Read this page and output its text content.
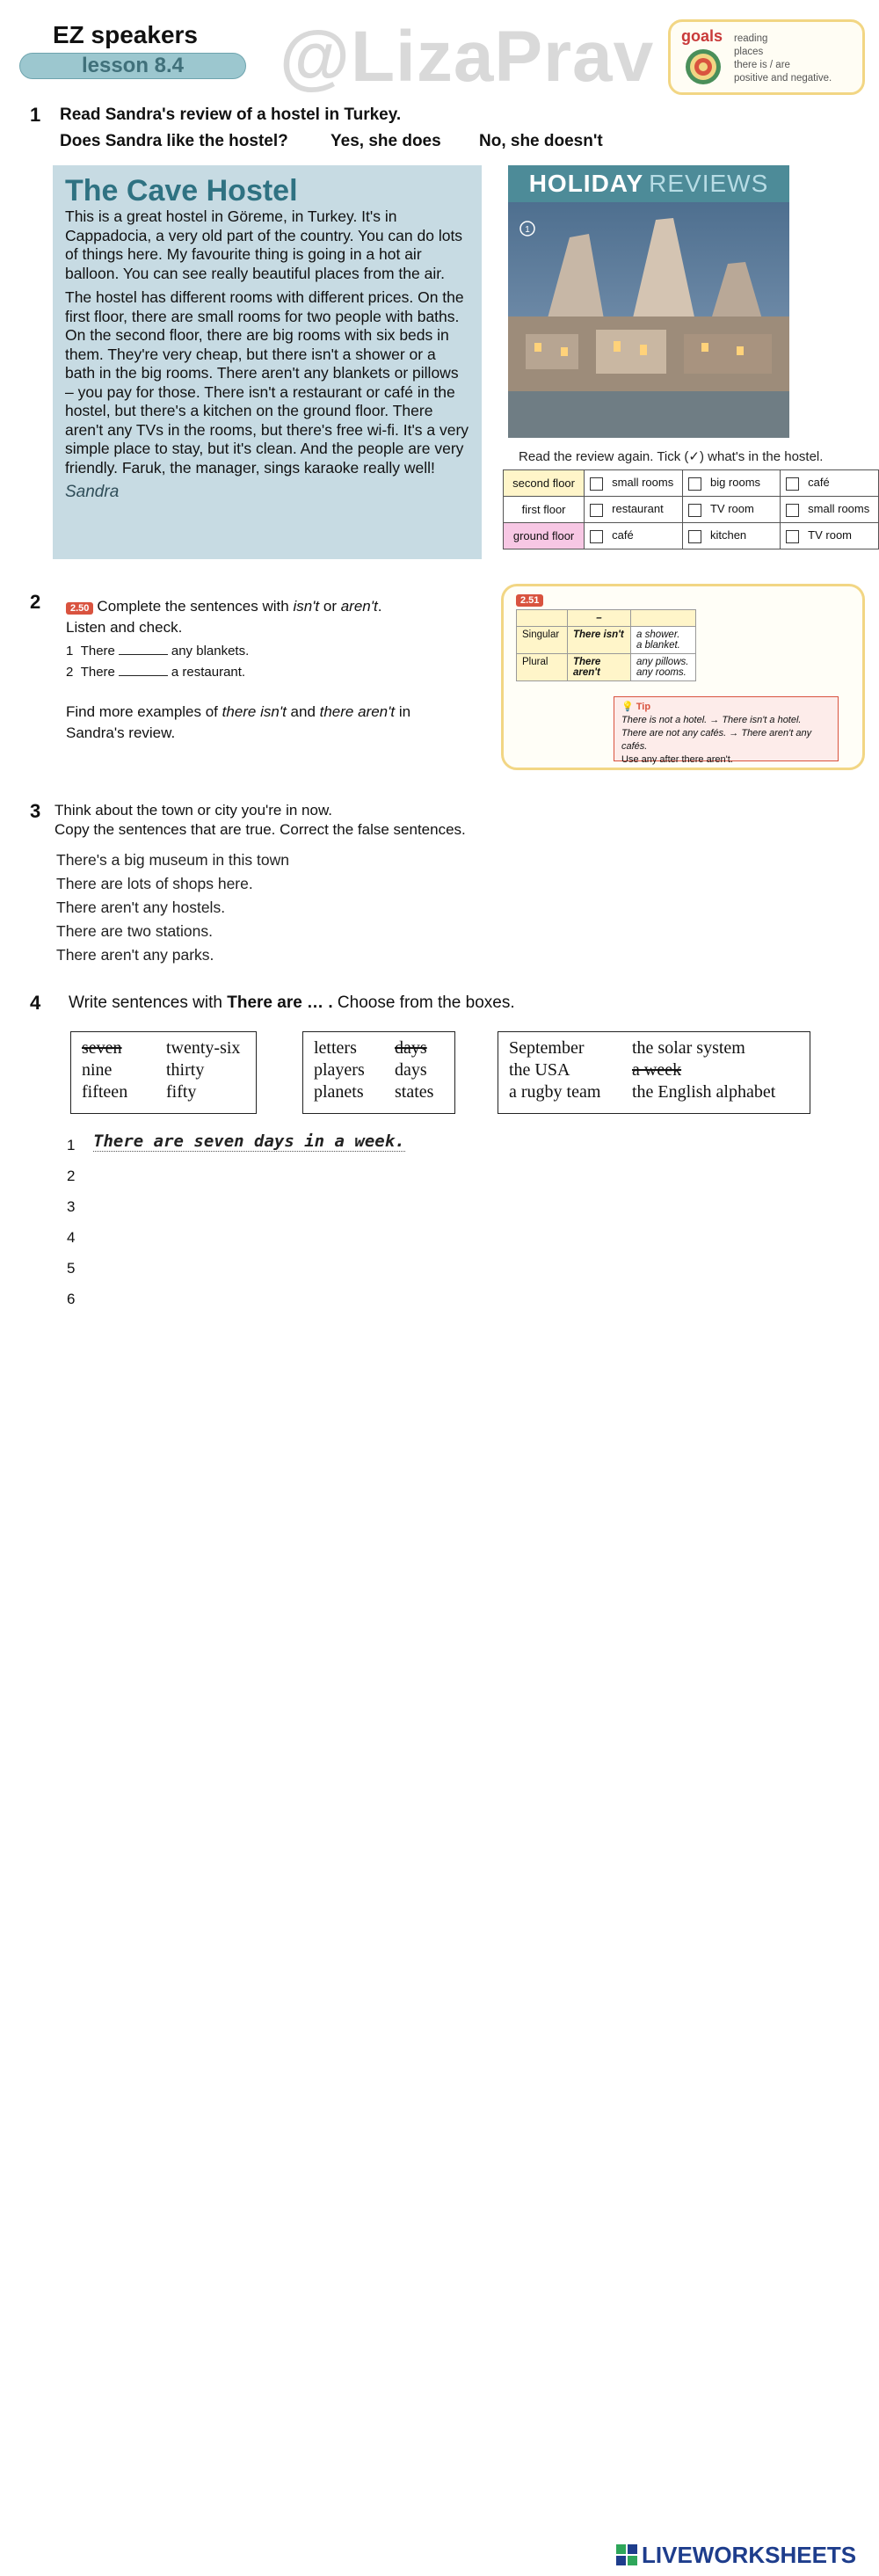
EZ speakers
lesson 8.4	@LizaPrav goals reading
places
there is / are
positive and negative.
1 Read Sandra's review of a hostel in Turkey.
Does Sandra like the hostel?	Yes, she does No, she doesn't
The Cave Hostel

This is a great hostel in Göreme, in Turkey. It's in Cappadocia, a very old part of the country. You can do lots of things here. My favourite thing is going in a hot air balloon. You can see really beautiful places from the air.

The hostel has different rooms with different prices. On the first floor, there are small rooms for two people with baths. On the second floor, there are big rooms with six beds in them. They're very cheap, but there isn't a shower or a bath in the big rooms. There aren't any blankets or pillows – you pay for those. There isn't a restaurant or café in the hostel, but there's a kitchen on the ground floor. There aren't any TVs in the rooms, but there's free wi-fi. It's a very simple place to stay, but it's clean. And the people are very friendly. Faruk, the manager, sings karaoke really well!

Sandra
HOLIDAY REVIEWS
1
Read the review again. Tick (✓) what's in the hostel.
second floor	small rooms	big rooms	café
first floor	restaurant	TV room	small rooms
ground floor	café	kitchen	TV room
2	2.50 Complete the sentences with isn't or aren't.
Listen and check.
1 There	any blankets.
2 There	a restaurant.
Find more examples of there isn't and there aren't in
Sandra's review.
2.51
	–	
Singular	There isn't	a shower.
a blanket.

Plural	There aren't	any pillows.
any rooms.
💡 Tip
There is not a hotel. → There isn't a hotel.
There are not any cafés. → There aren't any cafés.
Use any after there aren't.
3 Think about the town or city you're in now.
Copy the sentences that are true. Correct the false sentences.
There's a big museum in this town
There are lots of shops here.
There aren't any hostels.
There are two stations.
There aren't any parks.
4 Write sentences with There are … . Choose from the boxes.
seven	twenty-six
nine	thirty
fifteen	fifty
letters	days
players	days
planets	states
September	the solar system
the USA	a week
a rugby team	the English alphabet
1 There are seven days in a week.
2
3
4
5
6
LIVEWORKSHEETS
